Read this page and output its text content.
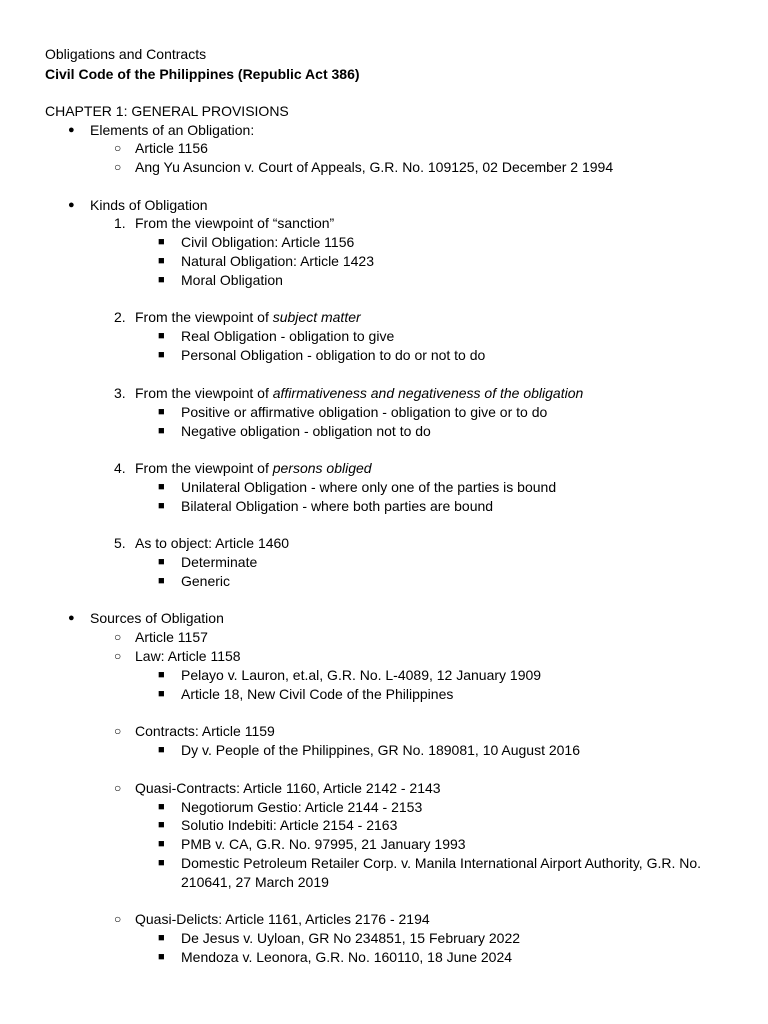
Obligations and Contracts
Civil Code of the Philippines (Republic Act 386)
CHAPTER 1: GENERAL PROVISIONS
● Elements of an Obligation:
○ Article 1156
○ Ang Yu Asuncion v. Court of Appeals, G.R. No. 109125, 02 December 2 1994
● Kinds of Obligation
1. From the viewpoint of “sanction”
■ Civil Obligation: Article 1156
■ Natural Obligation: Article 1423
■ Moral Obligation
2. From the viewpoint of subject matter
■ Real Obligation - obligation to give
■ Personal Obligation - obligation to do or not to do
3. From the viewpoint of affirmativeness and negativeness of the obligation
■ Positive or affirmative obligation - obligation to give or to do
■ Negative obligation - obligation not to do
4. From the viewpoint of persons obliged
■ Unilateral Obligation - where only one of the parties is bound
■ Bilateral Obligation - where both parties are bound
5. As to object: Article 1460
■ Determinate
■ Generic
● Sources of Obligation
○ Article 1157
○ Law: Article 1158
■ Pelayo v. Lauron, et.al, G.R. No. L-4089, 12 January 1909
■ Article 18, New Civil Code of the Philippines
○ Contracts: Article 1159
■ Dy v. People of the Philippines, GR No. 189081, 10 August 2016
○ Quasi-Contracts: Article 1160, Article 2142 - 2143
■ Negotiorum Gestio: Article 2144 - 2153
■ Solutio Indebiti: Article 2154 - 2163
■ PMB v. CA, G.R. No. 97995, 21 January 1993
■ Domestic Petroleum Retailer Corp. v. Manila International Airport Authority, G.R. No.
210641, 27 March 2019
○ Quasi-Delicts: Article 1161, Articles 2176 - 2194
■ De Jesus v. Uyloan, GR No 234851, 15 February 2022
■ Mendoza v. Leonora, G.R. No. 160110, 18 June 2024
